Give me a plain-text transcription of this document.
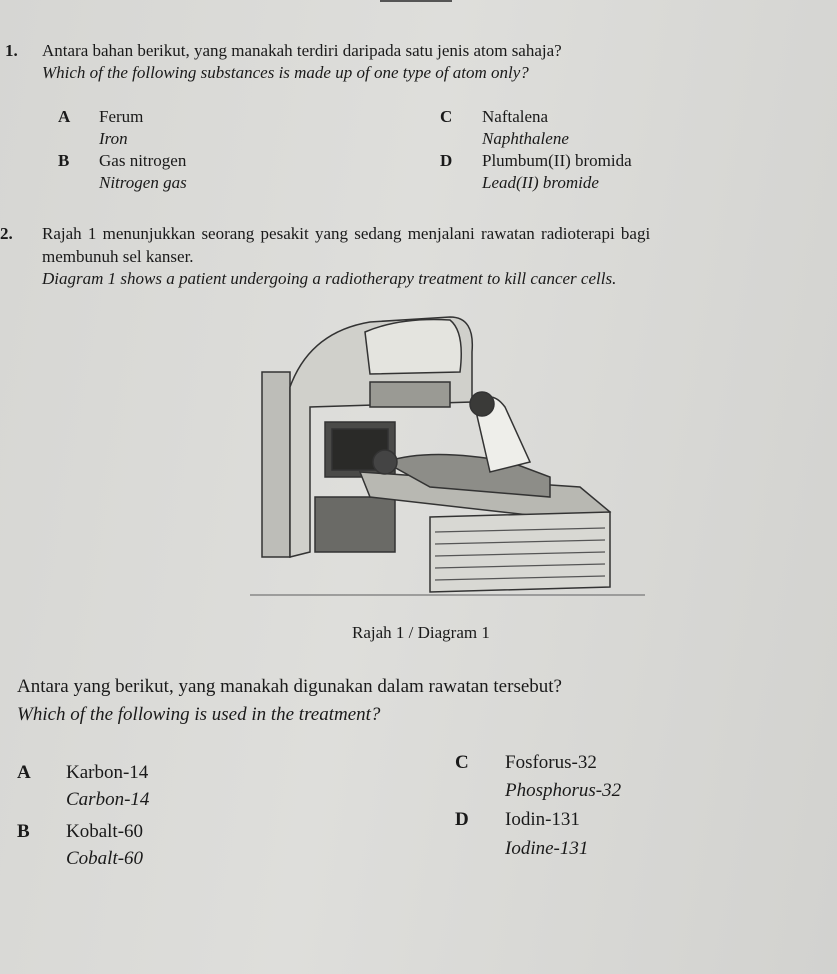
1. Antara bahan berikut, yang manakah terdiri daripada satu jenis atom sahaja?
Which of the following substances is made up of one type of atom only?
A Ferum
Iron
B Gas nitrogen
Nitrogen gas
C Naftalena
Naphthalene
D Plumbum(II) bromida
Lead(II) bromide
2. Rajah 1 menunjukkan seorang pesakit yang sedang menjalani rawatan radioterapi bagi
membunuh sel kanser.
Diagram 1 shows a patient undergoing a radiotherapy treatment to kill cancer cells.
Rajah 1 / Diagram 1
Antara yang berikut, yang manakah digunakan dalam rawatan tersebut?
Which of the following is used in the treatment?
A Karbon-14
Carbon-14
B Kobalt-60
Cobalt-60
C Fosforus-32
Phosphorus-32
D Iodin-131
Iodine-131
